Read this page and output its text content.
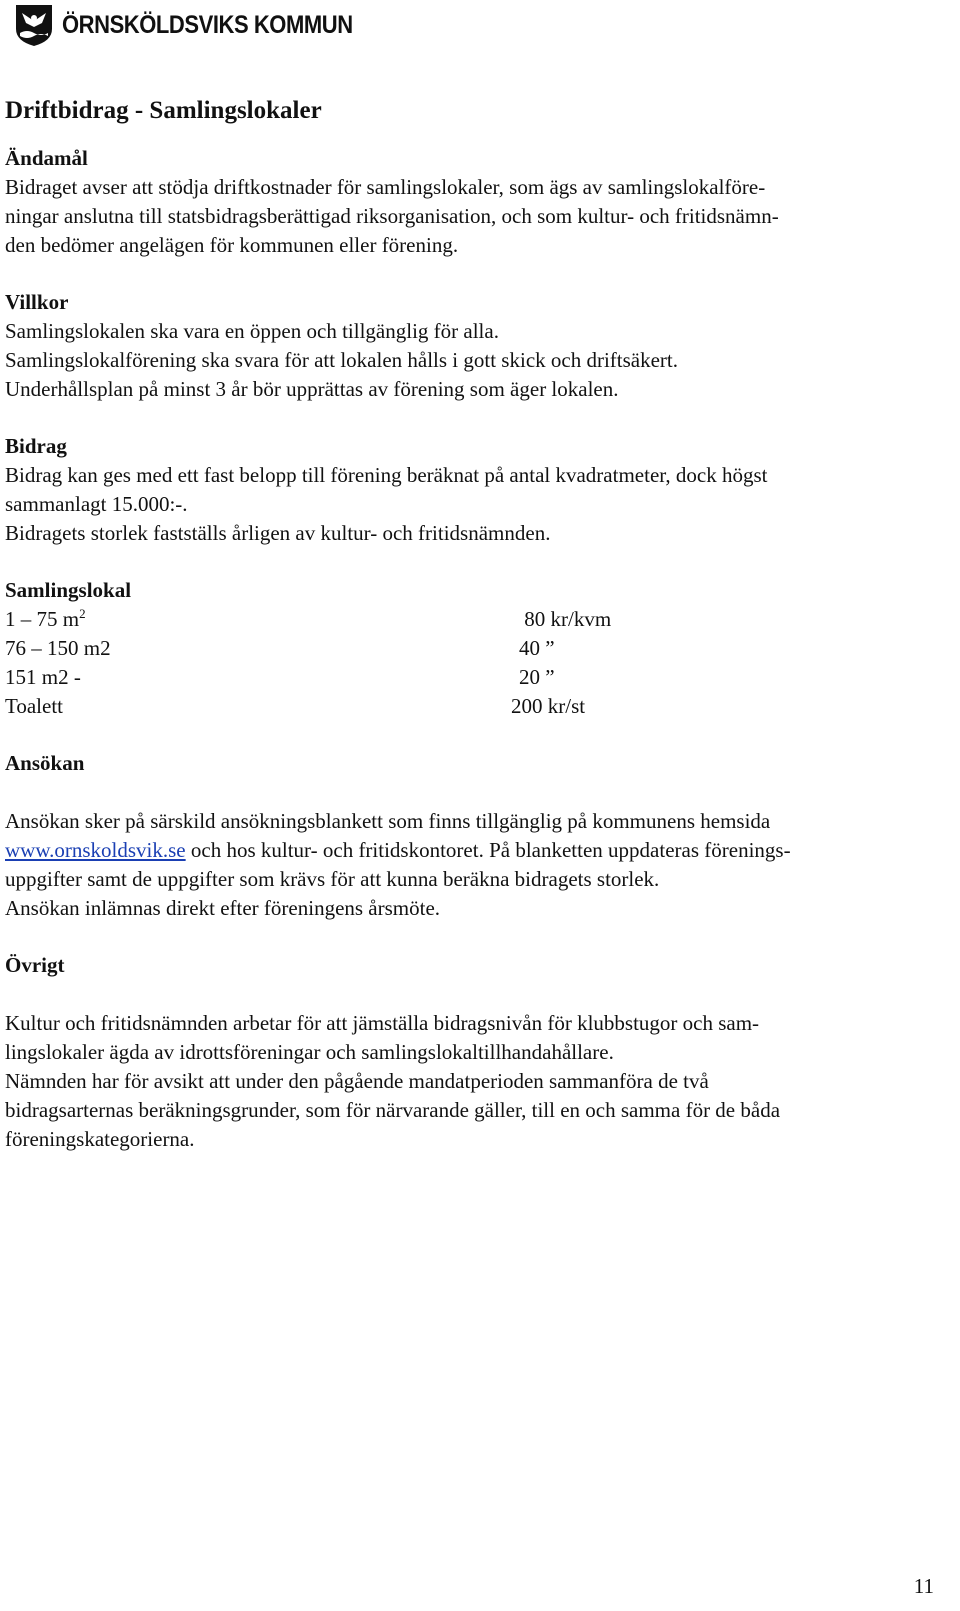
ÖRNSKÖLDSVIKS KOMMUN
Driftbidrag - Samlingslokaler

Ändamål

Bidraget avser att stödja driftkostnader för samlingslokaler, som ägs av samlingslokalföre-

ningar anslutna till statsbidragsberättigad riksorganisation, och som kultur- och fritidsnämn-

den bedömer angelägen för kommunen eller förening.

Villkor

Samlingslokalen ska vara en öppen och tillgänglig för alla.

Samlingslokalförening ska svara för att lokalen hålls i gott skick och driftsäkert.

Underhållsplan på minst 3 år bör upprättas av förening som äger lokalen.

Bidrag

Bidrag kan ges med ett fast belopp till förening beräknat på antal kvadratmeter, dock högst

sammanlagt 15.000:-.

Bidragets storlek fastställs årligen av kultur- och fritidsnämnden.

Samlingslokal

1 – 75 $m^2$	80 kr/kvm
76 – 150 m2	40 ”
151 m2 -	20 ”
Toalett	200 kr/st

Ansökan

Ansökan sker på särskild ansökningsblankett som finns tillgänglig på kommunens hemsida

www.ornskoldsvik.se och hos kultur- och fritidskontoret. På blanketten uppdateras förenings-

uppgifter samt de uppgifter som krävs för att kunna beräkna bidragets storlek.

Ansökan inlämnas direkt efter föreningens årsmöte.

Övrigt

Kultur och fritidsnämnden arbetar för att jämställa bidragsnivån för klubbstugor och sam-

lingslokaler ägda av idrottsföreningar och samlingslokaltillhandahållare.

Nämnden har för avsikt att under den pågående mandatperioden sammanföra de två

bidragsarternas beräkningsgrunder, som för närvarande gäller, till en och samma för de båda

föreningskategorierna.

11
